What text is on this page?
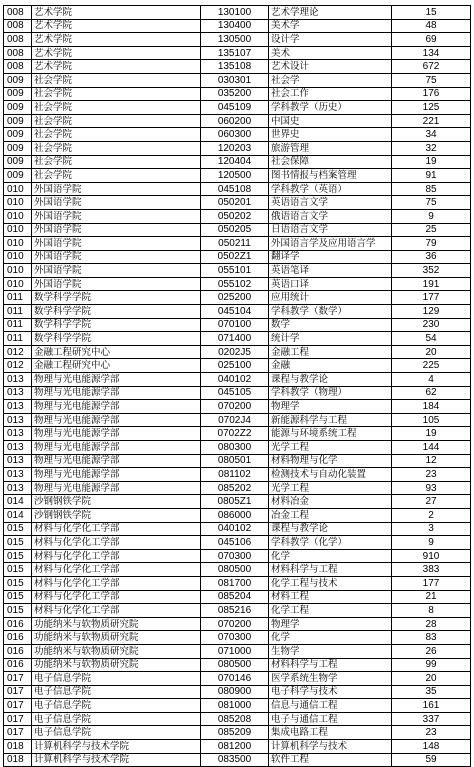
008	艺术学院	130100	艺术学理论	15
008	艺术学院	130400	美术学	48
008	艺术学院	130500	设计学	69
008	艺术学院	135107	美术	134
008	艺术学院	135108	艺术设计	672
009	社会学院	030301	社会学	75
009	社会学院	035200	社会工作	176
009	社会学院	045109	学科教学（历史）	125
009	社会学院	060200	中国史	221
009	社会学院	060300	世界史	34
009	社会学院	120203	旅游管理	32
009	社会学院	120404	社会保障	19
009	社会学院	120500	图书情报与档案管理	91
010	外国语学院	045108	学科教学（英语）	85
010	外国语学院	050201	英语语言文学	75
010	外国语学院	050202	俄语语言文学	9
010	外国语学院	050205	日语语言文学	25
010	外国语学院	050211	外国语言学及应用语言学	79
010	外国语学院	0502Z1	翻译学	36
010	外国语学院	055101	英语笔译	352
010	外国语学院	055102	英语口译	191
011	数学科学学院	025200	应用统计	177
011	数学科学学院	045104	学科教学（数学）	129
011	数学科学学院	070100	数学	230
011	数学科学学院	071400	统计学	54
012	金融工程研究中心	0202J5	金融工程	20
012	金融工程研究中心	025100	金融	225
013	物理与光电能源学部	040102	课程与教学论	4
013	物理与光电能源学部	045105	学科教学（物理）	62
013	物理与光电能源学部	070200	物理学	184
013	物理与光电能源学部	0702J4	新能源科学与工程	105
013	物理与光电能源学部	0702Z2	能源与环境系统工程	19
013	物理与光电能源学部	080300	光学工程	144
013	物理与光电能源学部	080501	材料物理与化学	12
013	物理与光电能源学部	081102	检测技术与自动化装置	23
013	物理与光电能源学部	085202	光学工程	93
014	沙钢钢铁学院	0805Z1	材料冶金	27
014	沙钢钢铁学院	086000	冶金工程	2
015	材料与化学化工学部	040102	课程与教学论	3
015	材料与化学化工学部	045106	学科教学（化学）	9
015	材料与化学化工学部	070300	化学	910
015	材料与化学化工学部	080500	材料科学与工程	383
015	材料与化学化工学部	081700	化学工程与技术	177
015	材料与化学化工学部	085204	材料工程	21
015	材料与化学化工学部	085216	化学工程	8
016	功能纳米与软物质研究院	070200	物理学	28
016	功能纳米与软物质研究院	070300	化学	83
016	功能纳米与软物质研究院	071000	生物学	26
016	功能纳米与软物质研究院	080500	材料科学与工程	99
017	电子信息学院	070146	医学系统生物学	20
017	电子信息学院	080900	电子科学与技术	35
017	电子信息学院	081000	信息与通信工程	161
017	电子信息学院	085208	电子与通信工程	337
017	电子信息学院	085209	集成电路工程	23
018	计算机科学与技术学院	081200	计算机科学与技术	148
018	计算机科学与技术学院	083500	软件工程	59
